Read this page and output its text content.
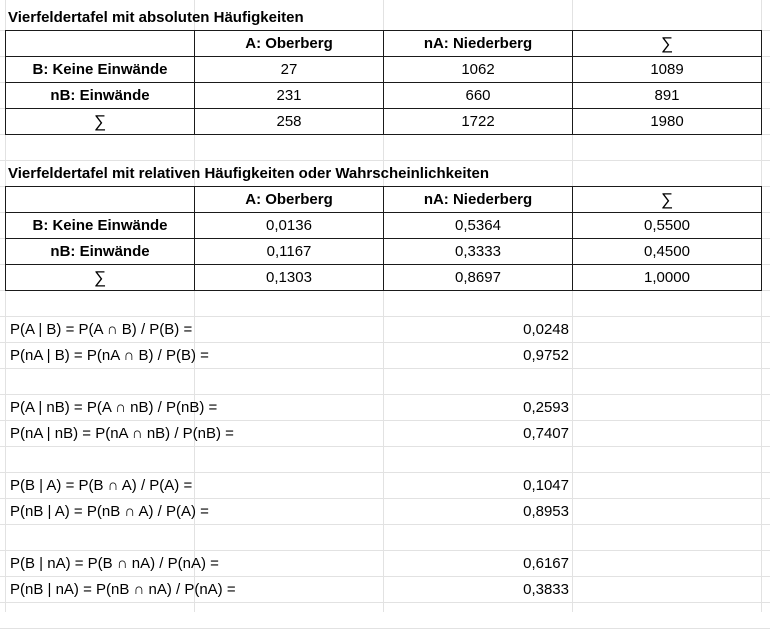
Vierfeldertafel mit absoluten Häufigkeiten
	A: Oberberg	nA: Niederberg	∑
B: Keine Einwände	27	1062	1089
nB: Einwände	231	660	891
∑	258	1722	1980
Vierfeldertafel mit relativen Häufigkeiten oder Wahrscheinlichkeiten
	A: Oberberg	nA: Niederberg	∑
B: Keine Einwände	0,0136	0,5364	0,5500
nB: Einwände	0,1167	0,3333	0,4500
∑	0,1303	0,8697	1,0000
P(A | B) = P(A ∩ B) / P(B) =	0,0248
P(nA | B) = P(nA ∩ B) / P(B) =	0,9752
P(A | nB) = P(A ∩ nB) / P(nB) =	0,2593
P(nA | nB) = P(nA ∩ nB) / P(nB) =	0,7407
P(B | A) = P(B ∩ A) / P(A) =	0,1047
P(nB | A) = P(nB ∩ A) / P(A) =	0,8953
P(B | nA) = P(B ∩ nA) / P(nA) =	0,6167
P(nB | nA) = P(nB ∩ nA) / P(nA) =	0,3833
